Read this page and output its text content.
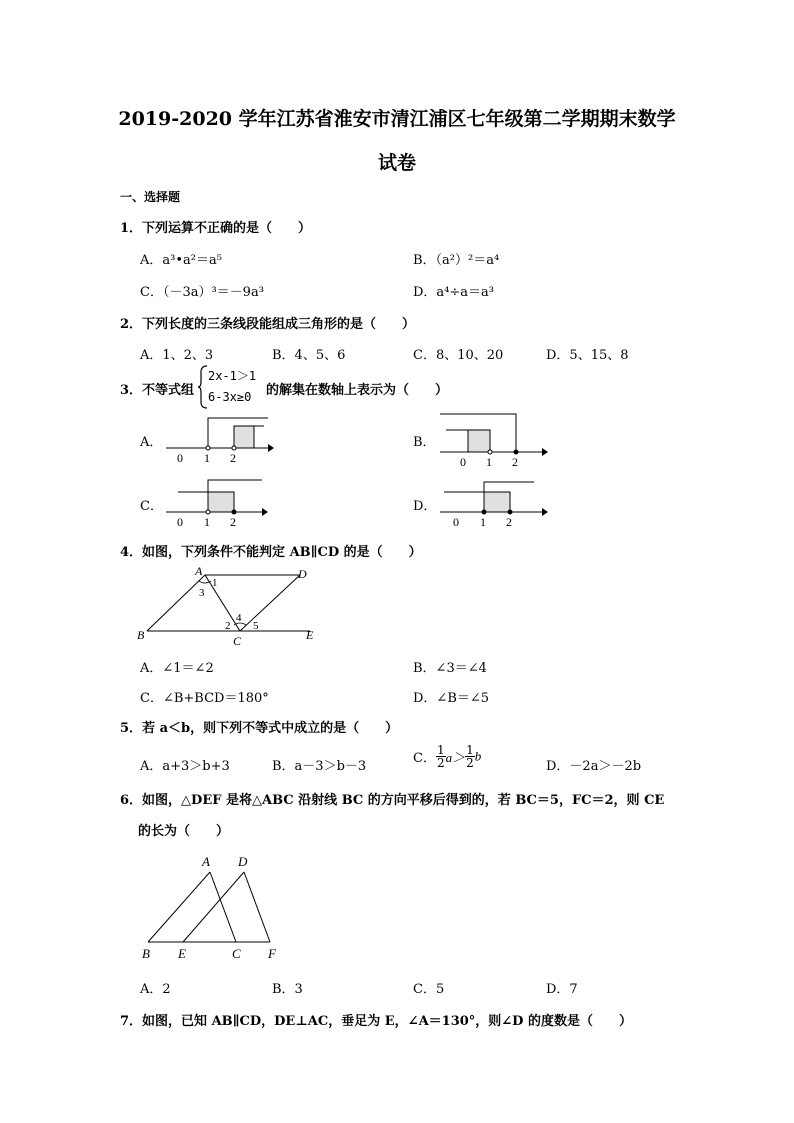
2019-2020 学年江苏省淮安市清江浦区七年级第二学期期末数学
试卷
一、选择题
1．下列运算不正确的是（　　）
A．a³•a²＝a⁵	B．（a²）²＝a⁴
C．（－3a）³＝－9a³	D．a⁴÷a＝a³
2．下列长度的三条线段能组成三角形的是（　　）
A．1、2、3	B．4、5、6	C．8、10、20	D．5、15、8
3．不等式组
2x-1＞1
6-3x≥0 的解集在数轴上表示为（　　）
A．
0 1 2
B．
0 1 2
C．
0 1 2
D．
0 1 2
4．如图，下列条件不能判定 AB∥CD 的是（　　）
A	D
B	C	E
1
3
2
4
5
A．∠1＝∠2	B．∠3＝∠4
C．∠B+BCD＝180°	D．∠B＝∠5
5．若 a＜b，则下列不等式中成立的是（　　）
A．a+3＞b+3	B．a－3＞b－3
C． $\frac{1}{2} a> \frac{1}{2}$ b
D．－2a＞－2b
6．如图，△DEF 是将△ABC 沿射线 BC 的方向平移后得到的，若 BC＝5，FC＝2，则 CE
的长为（　　）
A D
B E	C F
A．2	B．3	C．5	D．7
7．如图，已知 AB∥CD，DE⊥AC，垂足为 E，∠A＝130°，则∠D 的度数是（　　）
